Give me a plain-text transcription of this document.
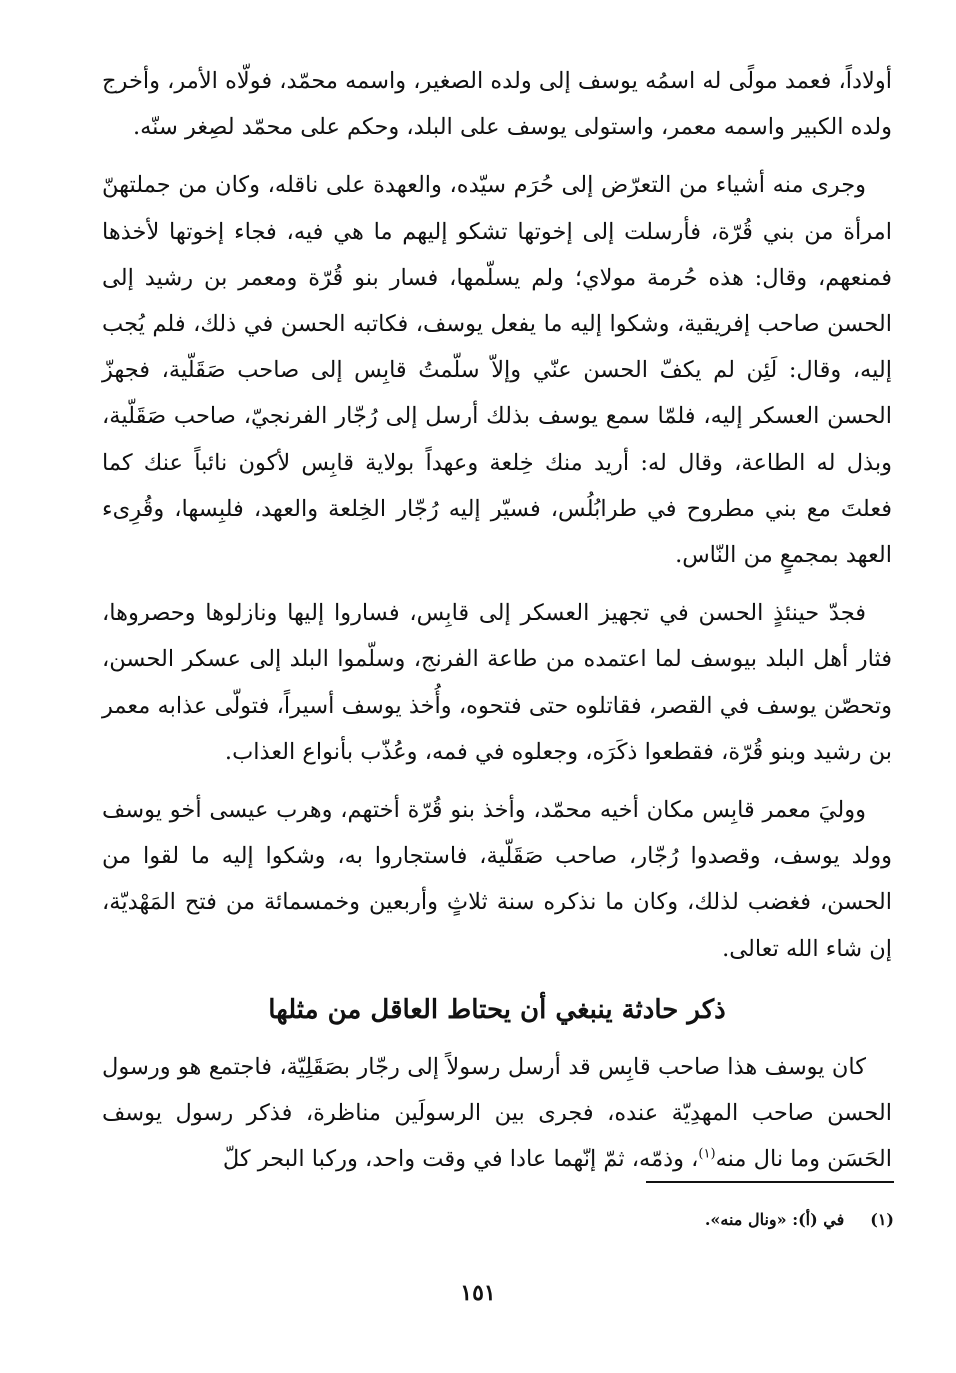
أولاداً، فعمد مولًى له اسمُه يوسف إلى ولده الصغير، واسمه محمّد، فولّاه الأمر، وأخرج ولده الكبير واسمه معمر، واستولى يوسف على البلد، وحكم على محمّد لصِغر سنّه.

وجرى منه أشياء من التعرّض إلى حُرَم سيّده، والعهدة على ناقله، وكان من جملتهنّ امرأة من بني قُرّة، فأرسلت إلى إخوتها تشكو إليهم ما هي فيه، فجاء إخوتها لأخذها فمنعهم، وقال: هذه حُرمة مولاي؛ ولم يسلّمها، فسار بنو قُرّة ومعمر بن رشيد إلى الحسن صاحب إفريقية، وشكوا إليه ما يفعل يوسف، فكاتبه الحسن في ذلك، فلم يُجب إليه، وقال: لَئِن لم يكفّ الحسن عنّي وإلاّ سلّمتُ قابِس إلى صاحب صَقَلّية، فجهزّ الحسن العسكر إليه، فلمّا سمع يوسف بذلك أرسل إلى رُجّار الفرنجيّ، صاحب صَقَلّية، وبذل له الطاعة، وقال له: أريد منك خِلعة وعهداً بولاية قابِس لأكون نائباً عنك كما فعلتَ مع بني مطروح في طرابُلُس، فسيّر إليه رُجّار الخِلعة والعهد، فلبِسها، وقُرِىء العهد بمجمعٍ من النّاس.

فجدّ حينئذٍ الحسن في تجهيز العسكر إلى قابِس، فساروا إليها ونازلوها وحصروها، فثار أهل البلد بيوسف لما اعتمده من طاعة الفرنج، وسلّموا البلد إلى عسكر الحسن، وتحصّن يوسف في القصر، فقاتلوه حتى فتحوه، وأُخذ يوسف أسيراً، فتولّى عذابه معمر بن رشيد وبنو قُرّة، فقطعوا ذكَرَه، وجعلوه في فمه، وعُذّب بأنواع العذاب.

ووليَ معمر قابِس مكان أخيه محمّد، وأخذ بنو قُرّة أختهم، وهرب عيسى أخو يوسف وولد يوسف، وقصدوا رُجّار، صاحب صَقَلّية، فاستجاروا به، وشكوا إليه ما لقوا من الحسن، فغضب لذلك، وكان ما نذكره سنة ثلاثٍ وأربعين وخمسمائة من فتح المَهْديّة، إن شاء الله تعالى.

ذكر حادثة ينبغي أن يحتاط العاقل من مثلها

كان يوسف هذا صاحب قابِس قد أرسل رسولاً إلى رجّار بصَقَلِيّة، فاجتمع هو ورسول الحسن صاحب المهدِيّة عنده، فجرى بين الرسولَين مناظرة، فذكر رسول يوسف الحَسَن وما نال منه$^{(١)}$، وذمّه، ثمّ إنّهما عادا في وقت واحد، وركبا البحر كلّ

(١)في (أ): «ونال منه».
١٥١
